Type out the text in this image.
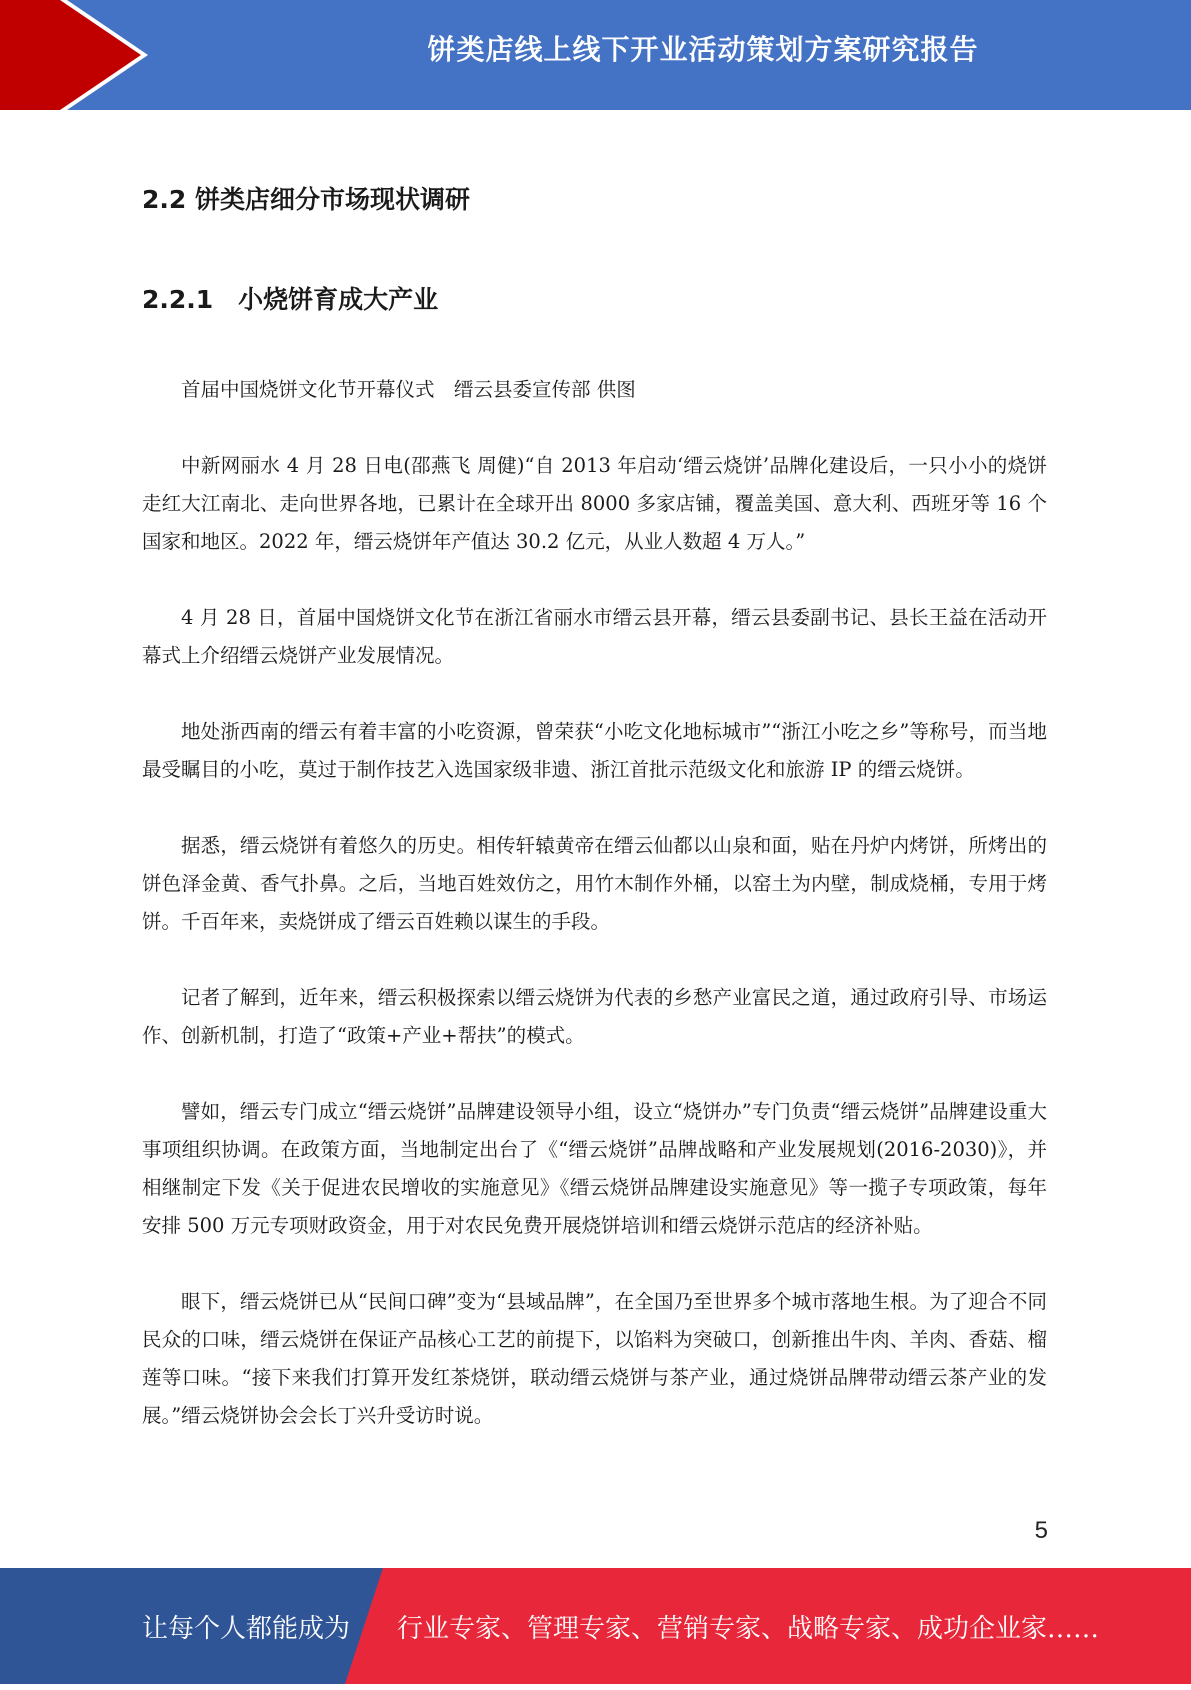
饼类店线上线下开业活动策划方案研究报告
2.2 饼类店细分市场现状调研
2.2.1　小烧饼育成大产业

首届中国烧饼文化节开幕仪式　缙云县委宣传部 供图

中新网丽水 4 月 28 日电(邵燕飞 周健)“自 2013 年启动‘缙云烧饼’品牌化建设后，一只小小的烧饼走红大江南北、走向世界各地，已累计在全球开出 8000 多家店铺，覆盖美国、意大利、西班牙等 16 个国家和地区。2022 年，缙云烧饼年产值达 30.2 亿元，从业人数超 4 万人。”

4 月 28 日，首届中国烧饼文化节在浙江省丽水市缙云县开幕，缙云县委副书记、县长王益在活动开幕式上介绍缙云烧饼产业发展情况。

地处浙西南的缙云有着丰富的小吃资源，曾荣获“小吃文化地标城市”“浙江小吃之乡”等称号，而当地最受瞩目的小吃，莫过于制作技艺入选国家级非遗、浙江首批示范级文化和旅游 IP 的缙云烧饼。

据悉，缙云烧饼有着悠久的历史。相传轩辕黄帝在缙云仙都以山泉和面，贴在丹炉内烤饼，所烤出的饼色泽金黄、香气扑鼻。之后，当地百姓效仿之，用竹木制作外桶，以窑土为内壁，制成烧桶，专用于烤饼。千百年来，卖烧饼成了缙云百姓赖以谋生的手段。

记者了解到，近年来，缙云积极探索以缙云烧饼为代表的乡愁产业富民之道，通过政府引导、市场运作、创新机制，打造了“政策+产业+帮扶”的模式。

譬如，缙云专门成立“缙云烧饼”品牌建设领导小组，设立“烧饼办”专门负责“缙云烧饼”品牌建设重大事项组织协调。在政策方面，当地制定出台了《“缙云烧饼”品牌战略和产业发展规划(2016-2030)》，并相继制定下发《关于促进农民增收的实施意见》《缙云烧饼品牌建设实施意见》等一揽子专项政策，每年安排 500 万元专项财政资金，用于对农民免费开展烧饼培训和缙云烧饼示范店的经济补贴。

眼下，缙云烧饼已从“民间口碑”变为“县域品牌”，在全国乃至世界多个城市落地生根。为了迎合不同民众的口味，缙云烧饼在保证产品核心工艺的前提下，以馅料为突破口，创新推出牛肉、羊肉、香菇、榴莲等口味。“接下来我们打算开发红茶烧饼，联动缙云烧饼与茶产业，通过烧饼品牌带动缙云茶产业的发展。”缙云烧饼协会会长丁兴升受访时说。

5
让每个人都能成为 行业专家、管理专家、营销专家、战略专家、成功企业家……
